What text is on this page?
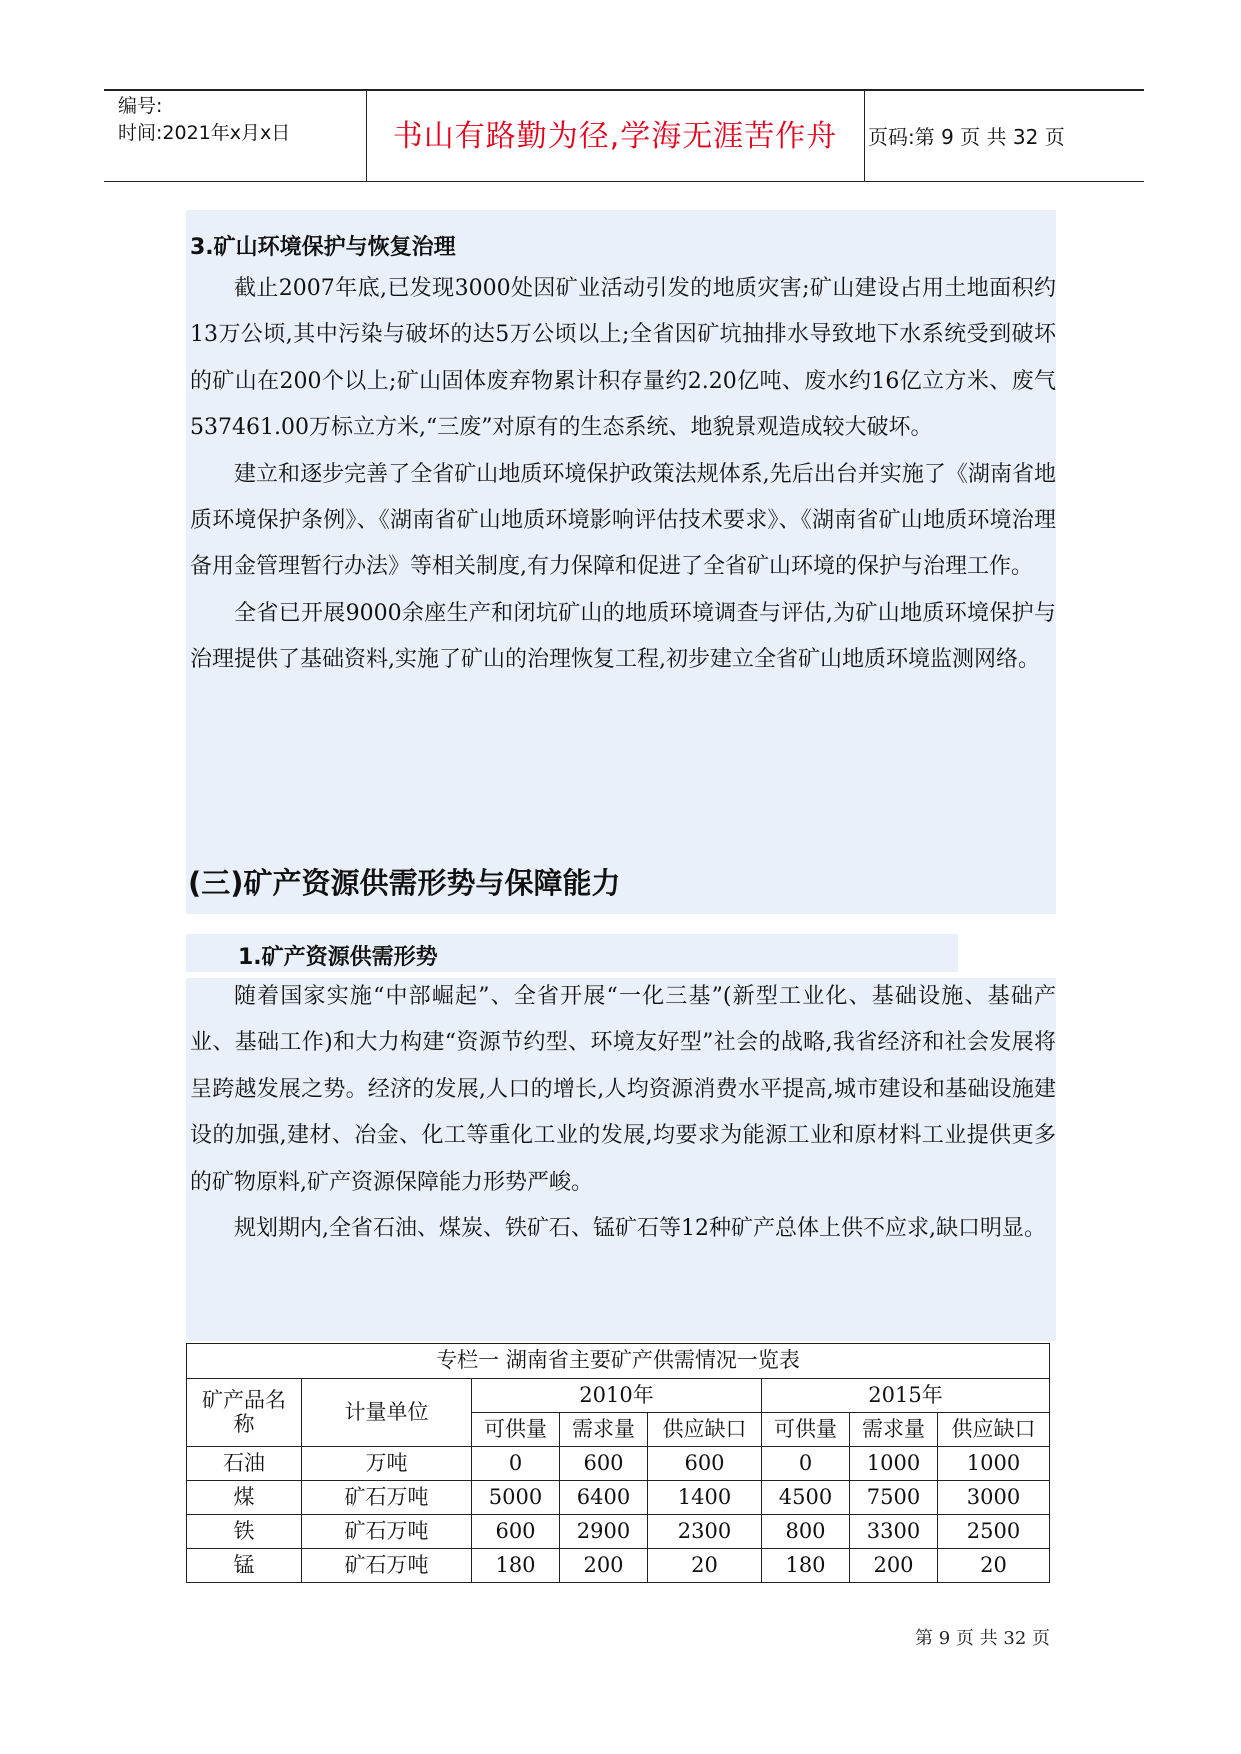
编号:
时间:2021年x月x日	书山有路勤为径,学海无涯苦作舟	页码:第 9 页 共 32 页
3.矿山环境保护与恢复治理

截止2007年底,已发现3000处因矿业活动引发的地质灾害;矿山建设占用土地面积约13万公顷,其中污染与破坏的达5万公顷以上;全省因矿坑抽排水导致地下水系统受到破坏的矿山在200个以上;矿山固体废弃物累计积存量约2.20亿吨、废水约16亿立方米、废气537461.00万标立方米,“三废”对原有的生态系统、地貌景观造成较大破坏。

建立和逐步完善了全省矿山地质环境保护政策法规体系,先后出台并实施了《湖南省地质环境保护条例》、《湖南省矿山地质环境影响评估技术要求》、《湖南省矿山地质环境治理备用金管理暂行办法》等相关制度,有力保障和促进了全省矿山环境的保护与治理工作。

全省已开展9000余座生产和闭坑矿山的地质环境调查与评估,为矿山地质环境保护与治理提供了基础资料,实施了矿山的治理恢复工程,初步建立全省矿山地质环境监测网络。

(三)矿产资源供需形势与保障能力
1.矿产资源供需形势

随着国家实施“中部崛起”、全省开展“一化三基”(新型工业化、基础设施、基础产业、基础工作)和大力构建“资源节约型、环境友好型”社会的战略,我省经济和社会发展将呈跨越发展之势。经济的发展,人口的增长,人均资源消费水平提高,城市建设和基础设施建设的加强,建材、冶金、化工等重化工业的发展,均要求为能源工业和原材料工业提供更多的矿物原料,矿产资源保障能力形势严峻。

规划期内,全省石油、煤炭、铁矿石、锰矿石等12种矿产总体上供不应求,缺口明显。

专栏一 湖南省主要矿产供需情况一览表							
矿产品名称	计量单位	2010年			2015年		
		可供量	需求量	供应缺口	可供量	需求量	供应缺口
石油	万吨	0	600	600	0	1000	1000
煤	矿石万吨	5000	6400	1400	4500	7500	3000
铁	矿石万吨	600	2900	2300	800	3300	2500
锰	矿石万吨	180	200	20	180	200	20
第 9 页 共 32 页
